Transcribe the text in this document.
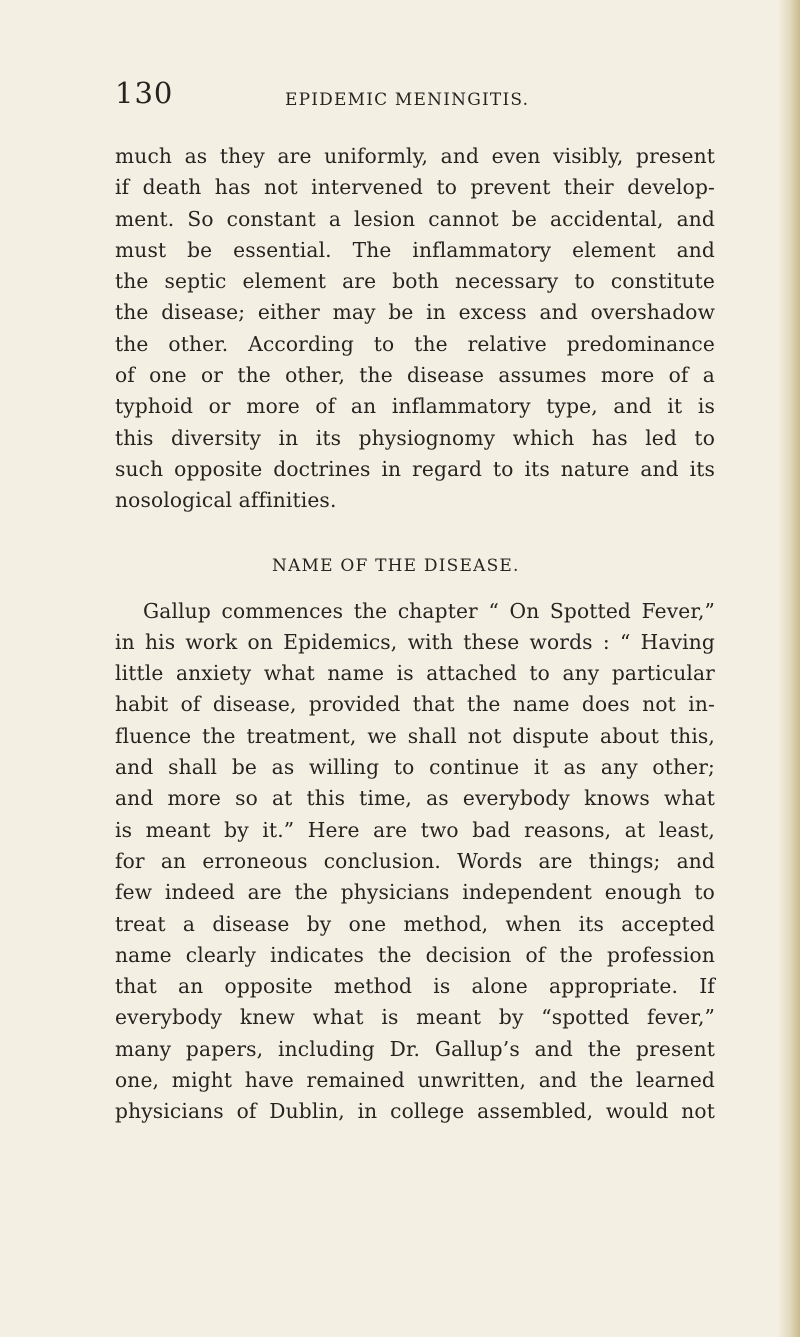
130	EPIDEMIC MENINGITIS.
much as they are uniformly, and even visibly, present
if death has not intervened to prevent their develop-
ment. So constant a lesion cannot be accidental, and
must be essential. The inflammatory element and
the septic element are both necessary to constitute
the disease; either may be in excess and overshadow
the other. According to the relative predominance
of one or the other, the disease assumes more of a
typhoid or more of an inflammatory type, and it is
this diversity in its physiognomy which has led to
such opposite doctrines in regard to its nature and its
nosological affinities.
NAME OF THE DISEASE.
Gallup commences the chapter “ On Spotted Fever,”
in his work on Epidemics, with these words : “ Having
little anxiety what name is attached to any particular
habit of disease, provided that the name does not in-
fluence the treatment, we shall not dispute about this,
and shall be as willing to continue it as any other;
and more so at this time, as everybody knows what
is meant by it.” Here are two bad reasons, at least,
for an erroneous conclusion. Words are things; and
few indeed are the physicians independent enough to
treat a disease by one method, when its accepted
name clearly indicates the decision of the profession
that an opposite method is alone appropriate. If
everybody knew what is meant by “spotted fever,”
many papers, including Dr. Gallup’s and the present
one, might have remained unwritten, and the learned
physicians of Dublin, in college assembled, would not
